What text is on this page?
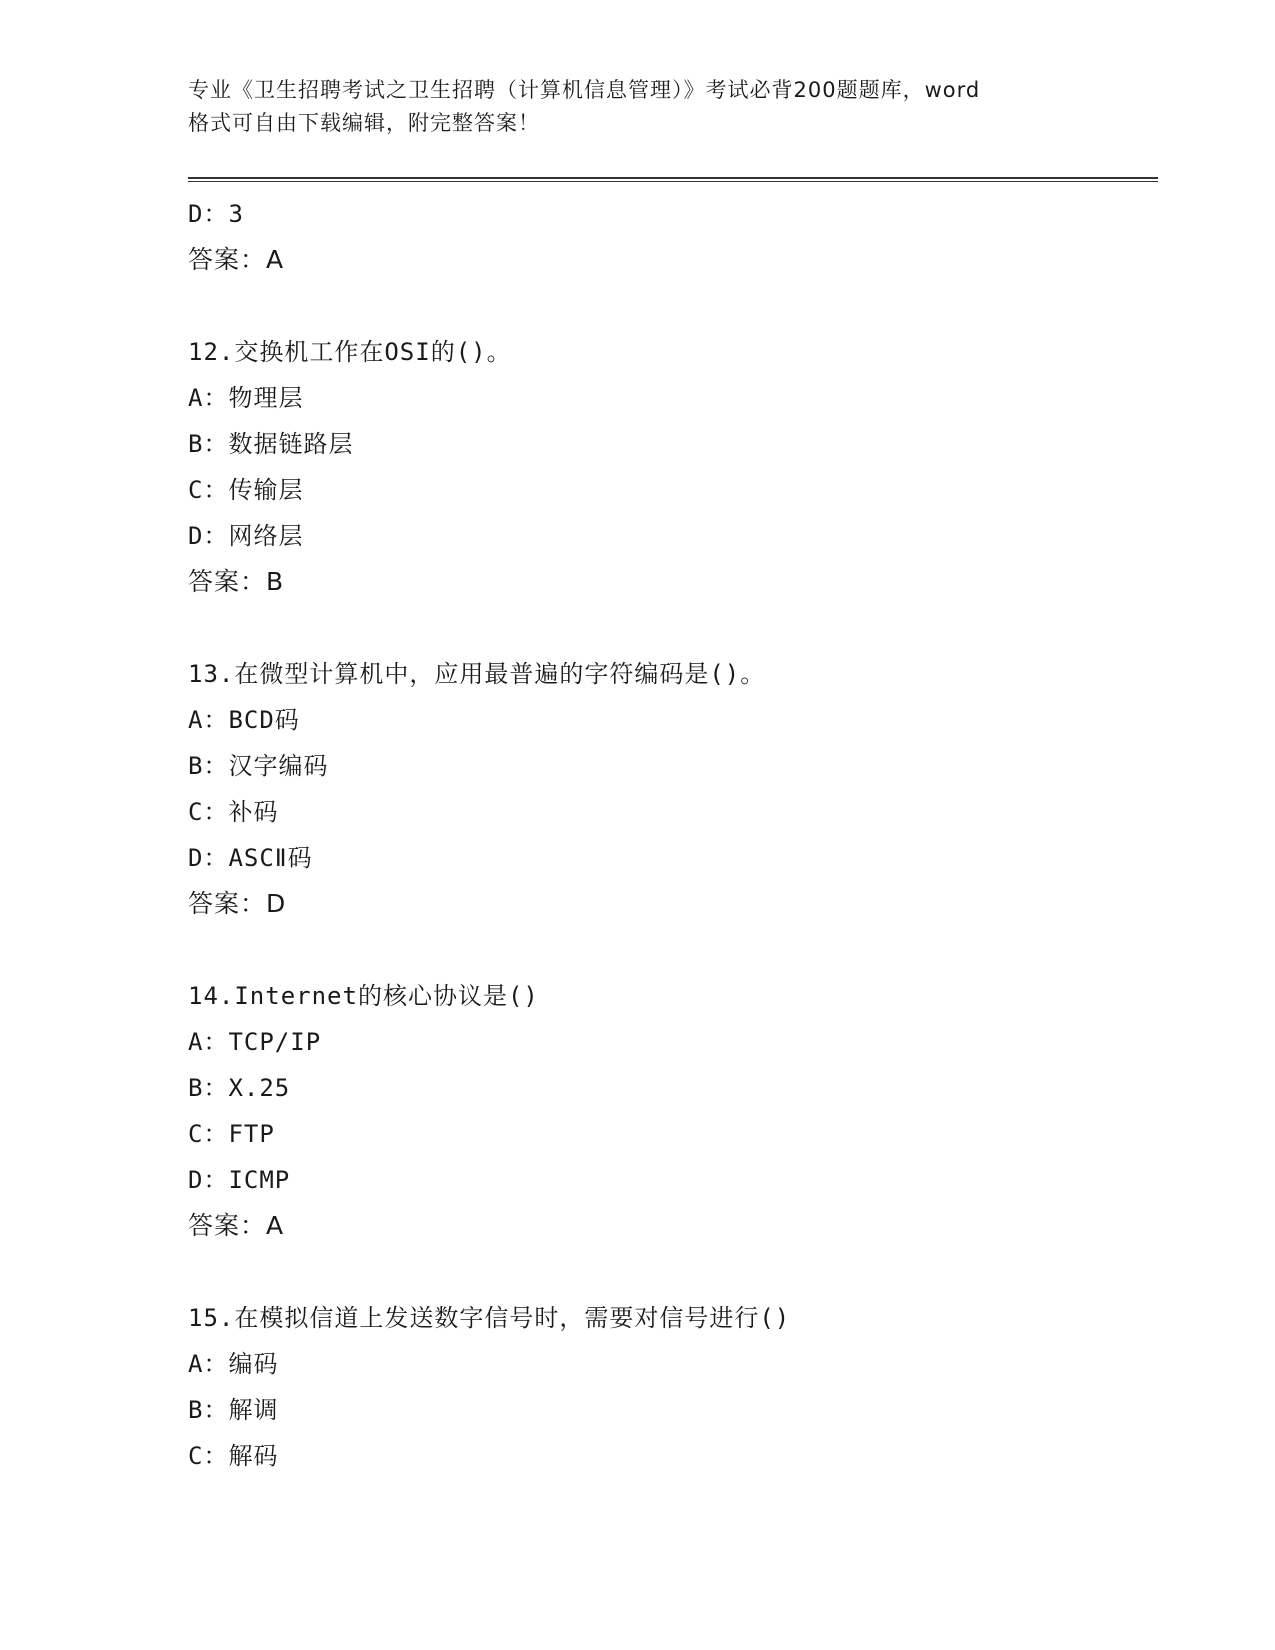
专业《卫生招聘考试之卫生招聘（计算机信息管理）》考试必背200题题库，word
格式可自由下载编辑，附完整答案！
D：3
答案：A
12.交换机工作在OSI的()。
A：物理层
B：数据链路层
C：传输层
D：网络层
答案：B
13.在微型计算机中，应用最普遍的字符编码是()。
A：BCD码
B：汉字编码
C：补码
D：ASCⅡ码
答案：D
14.Internet的核心协议是()
A：TCP/IP
B：X.25
C：FTP
D：ICMP
答案：A
15.在模拟信道上发送数字信号时，需要对信号进行()
A：编码
B：解调
C：解码
